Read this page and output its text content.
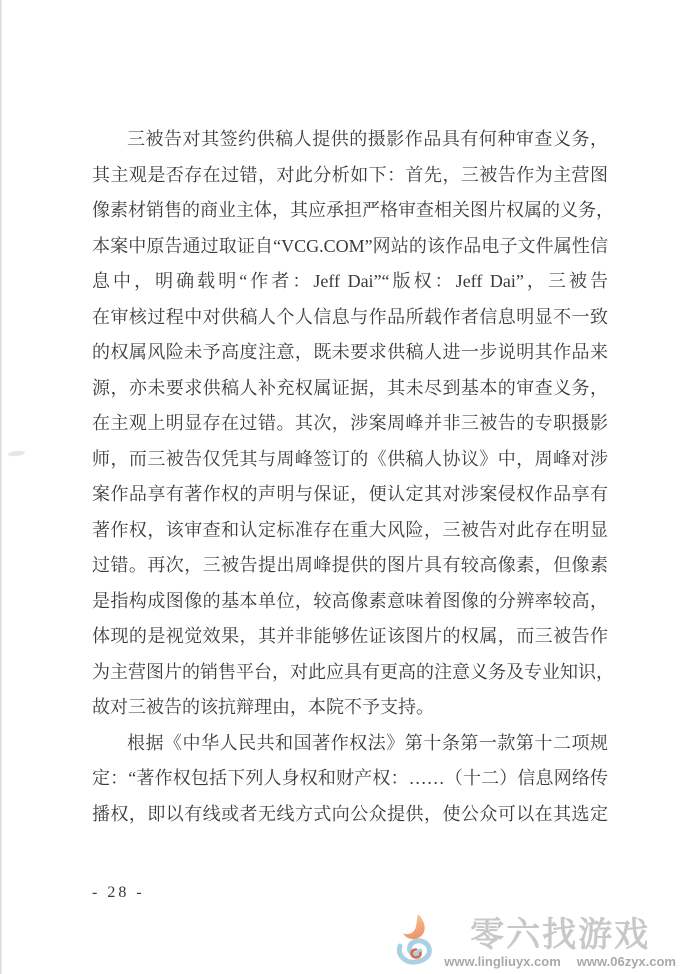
三被告对其签约供稿人提供的摄影作品具有何种审查义务，
其主观是否存在过错，对此分析如下：首先，三被告作为主营图
像素材销售的商业主体，其应承担严格审查相关图片权属的义务，
本案中原告通过取证自“VCG.COM”网站的该作品电子文件属性信
息中，明确载明“作者：Jeff Dai”“版权：Jeff Dai”，三被告
在审核过程中对供稿人个人信息与作品所载作者信息明显不一致
的权属风险未予高度注意，既未要求供稿人进一步说明其作品来
源，亦未要求供稿人补充权属证据，其未尽到基本的审查义务，
在主观上明显存在过错。其次，涉案周峰并非三被告的专职摄影
师，而三被告仅凭其与周峰签订的《供稿人协议》中，周峰对涉
案作品享有著作权的声明与保证，便认定其对涉案侵权作品享有
著作权，该审查和认定标准存在重大风险，三被告对此存在明显
过错。再次，三被告提出周峰提供的图片具有较高像素，但像素
是指构成图像的基本单位，较高像素意味着图像的分辨率较高，
体现的是视觉效果，其并非能够佐证该图片的权属，而三被告作
为主营图片的销售平台，对此应具有更高的注意义务及专业知识，
故对三被告的该抗辩理由，本院不予支持。
根据《中华人民共和国著作权法》第十条第一款第十二项规
定：“著作权包括下列人身权和财产权：……（十二）信息网络传
播权，即以有线或者无线方式向公众提供，使公众可以在其选定
- 28 -
零六找游戏
www.lingliuyx.com www.06zyx.com
